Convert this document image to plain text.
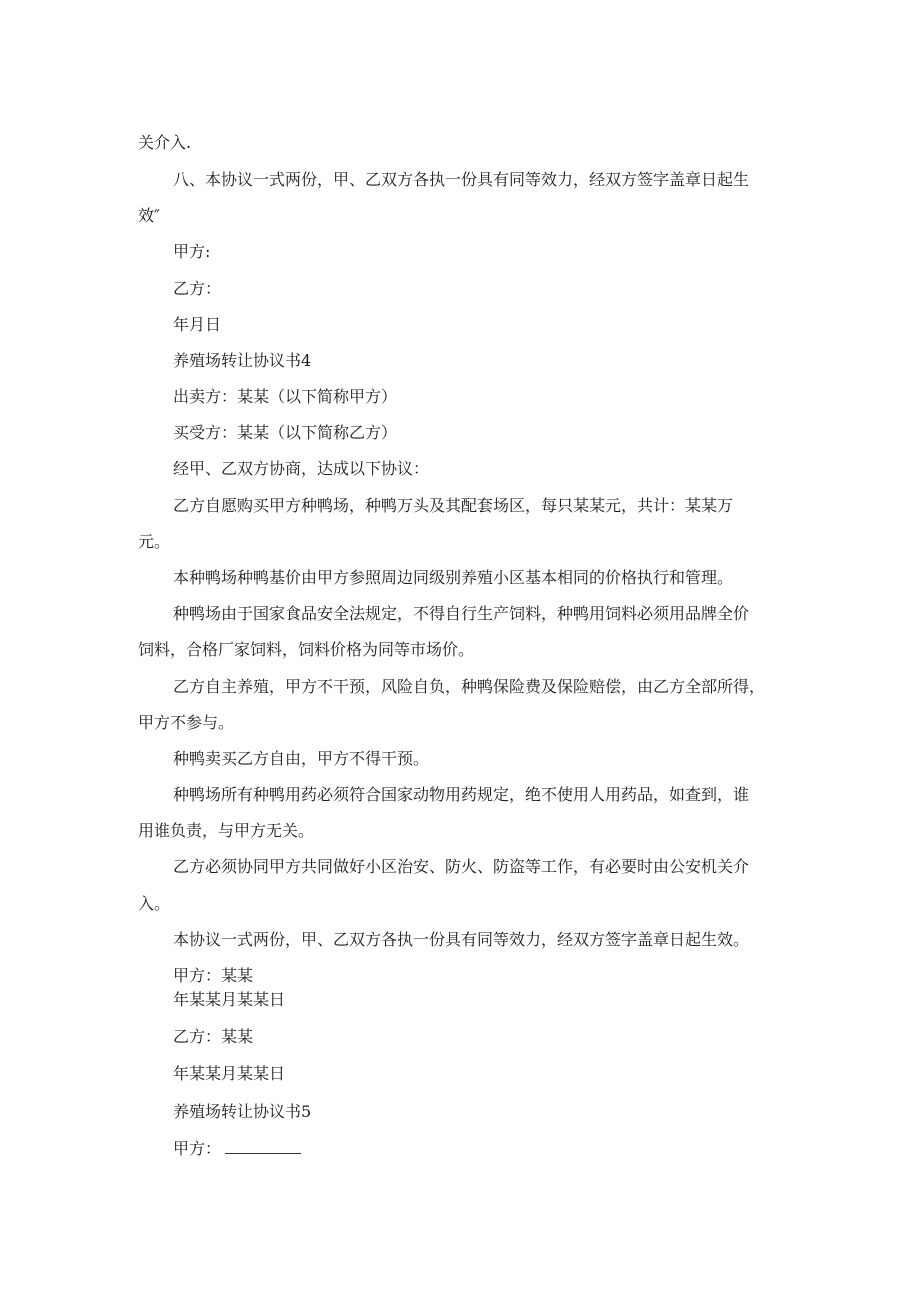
关介入.
八、本协议一式两份，甲、乙双方各执一份具有同等效力，经双方签字盖章日起生
效″
甲方:
乙方：
年月日
养殖场转让协议书4
出卖方：某某（以下简称甲方）
买受方：某某（以下简称乙方）
经甲、乙双方协商，达成以下协议：
乙方自愿购买甲方种鸭场，种鸭万头及其配套场区，每只某某元，共计：某某万
元。
本种鸭场种鸭基价由甲方参照周边同级别养殖小区基本相同的价格执行和管理。
种鸭场由于国家食品安全法规定，不得自行生产饲料，种鸭用饲料必须用品牌全价
饲料，合格厂家饲料，饲料价格为同等市场价。
乙方自主养殖，甲方不干预，风险自负，种鸭保险费及保险赔偿，由乙方全部所得，
甲方不参与。
种鸭卖买乙方自由，甲方不得干预。
种鸭场所有种鸭用药必须符合国家动物用药规定，绝不使用人用药品，如查到，谁
用谁负责，与甲方无关。
乙方必须协同甲方共同做好小区治安、防火、防盗等工作，有必要时由公安机关介
入。
本协议一式两份，甲、乙双方各执一份具有同等效力，经双方签字盖章日起生效。
甲方：某某
年某某月某某日
乙方：某某
年某某月某某日
养殖场转让协议书5
甲方：
